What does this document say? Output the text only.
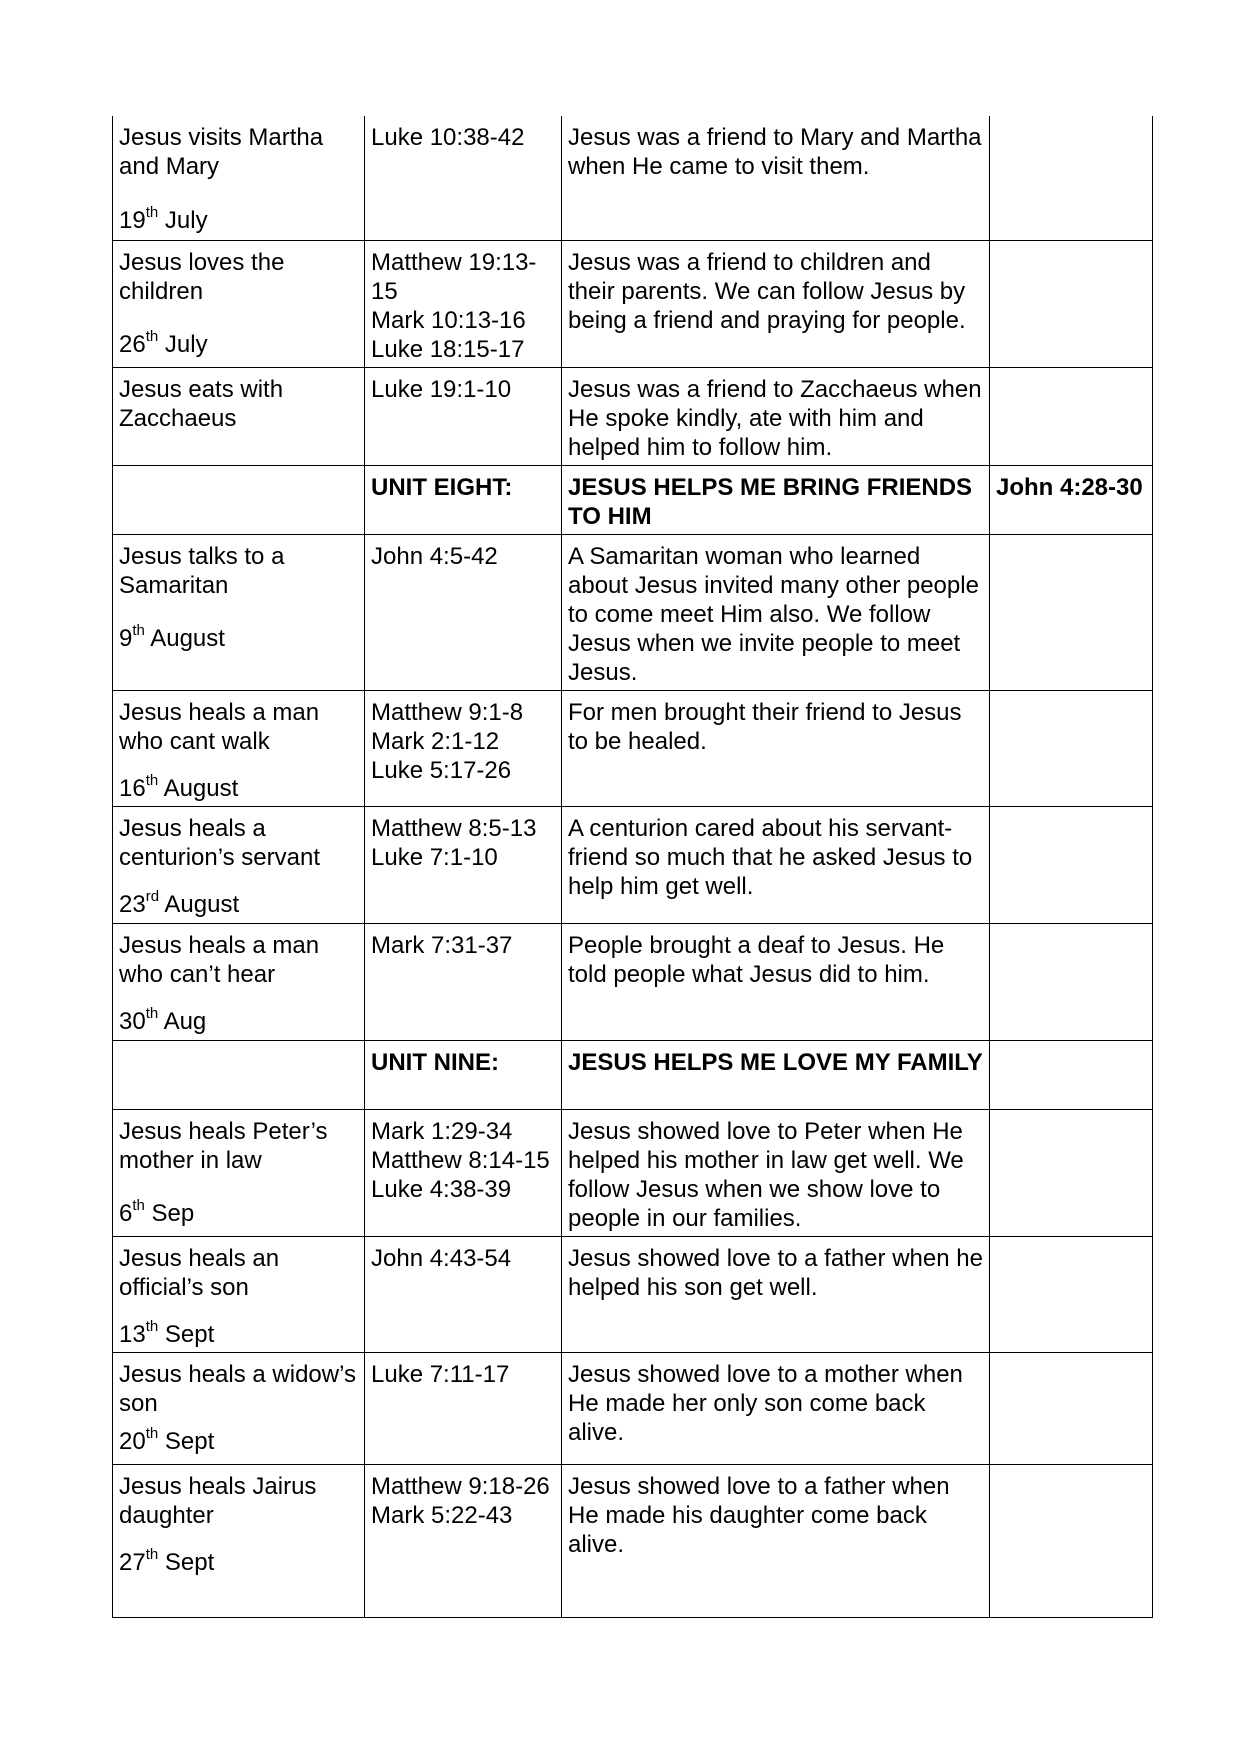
Jesus visits Martha and Mary
19th July	Luke 10:38-42	Jesus was a friend to Mary and Martha when He came to visit them.	

Jesus loves the children
26th July	Matthew 19:13-15
Mark 10:13-16
Luke 18:15-17	Jesus was a friend to children and their parents. We can follow Jesus by being a friend and praying for people.	

Jesus eats with Zacchaeus	Luke 19:1-10	Jesus was a friend to Zacchaeus when He spoke kindly, ate with him and helped him to follow him.	
	UNIT EIGHT:	JESUS HELPS ME BRING FRIENDS TO HIM	John 4:28-30

Jesus talks to a Samaritan
9th August	John 4:5-42	A Samaritan woman who learned about Jesus invited many other people to come meet Him also. We follow Jesus when we invite people to meet Jesus.	

Jesus heals a man who cant walk
16th August	Matthew 9:1-8
Mark 2:1-12
Luke 5:17-26	For men brought their friend to Jesus to be healed.	

Jesus heals a centurion’s servant
23rd August	Matthew 8:5-13
Luke 7:1-10	A centurion cared about his servant-friend so much that he asked Jesus to help him get well.	

Jesus heals a man who can’t hear
30th Aug	Mark 7:31-37	People brought a deaf to Jesus. He told people what Jesus did to him.	
	UNIT NINE:	JESUS HELPS ME LOVE MY FAMILY	

Jesus heals Peter’s mother in law
6th Sep	Mark 1:29-34
Matthew 8:14-15
Luke 4:38-39	Jesus showed love to Peter when He helped his mother in law get well. We follow Jesus when we show love to people in our families.	

Jesus heals an official’s son
13th Sept	John 4:43-54	Jesus showed love to a father when he helped his son get well.	

Jesus heals a widow’s son
20th Sept	Luke 7:11-17	Jesus showed love to a mother when He made her only son come back alive.	

Jesus heals Jairus daughter
27th Sept	Matthew 9:18-26
Mark 5:22-43	Jesus showed love to a father when He made his daughter come back alive.	
